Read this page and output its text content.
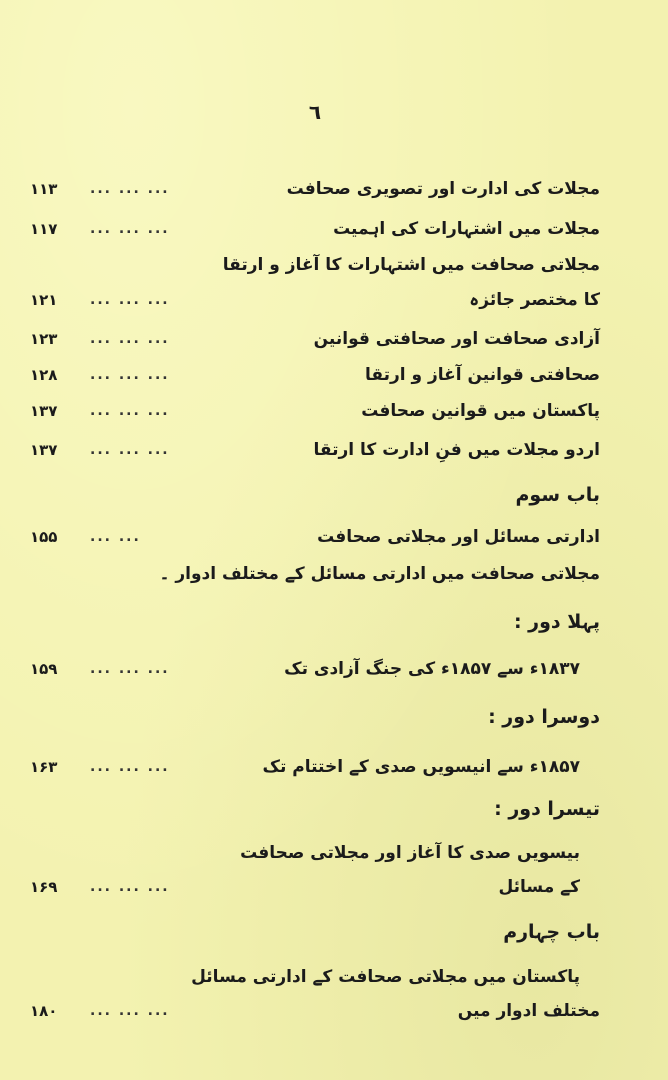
٦
مجلات کی ادارت اور تصویری صحافت
... ... ...
۱۱۳
مجلات میں اشتہارات کی اہمیت
... ... ...
۱۱۷
مجلاتی صحافت میں اشتہارات کا آغاز و ارتقا
کا مختصر جائزہ
... ... ...
۱۲۱
آزادی صحافت اور صحافتی قوانین
... ... ...
۱۲۳
صحافتی قوانین آغاز و ارتقا
... ... ...
۱۲۸
پاکستان میں قوانین صحافت
... ... ...
۱۳۷
اردو مجلات میں فنِ ادارت کا ارتقا
... ... ...
۱۳۷
باب سوم
ادارتی مسائل اور مجلاتی صحافت
... ...
۱۵۵
مجلاتی صحافت میں ادارتی مسائل کے مختلف ادوار ۔
پہلا دور :
۱۸۳۷ء سے ۱۸۵۷ء کی جنگ آزادی تک
... ... ...
۱۵۹
دوسرا دور :
۱۸۵۷ء سے انیسویں صدی کے اختتام تک
... ... ...
۱۶۳
تیسرا دور :
بیسویں صدی کا آغاز اور مجلاتی صحافت
کے مسائل
... ... ...
۱۶۹
باب چہارم
پاکستان میں مجلاتی صحافت کے ادارتی مسائل
مختلف ادوار میں
... ... ...
۱۸۰
